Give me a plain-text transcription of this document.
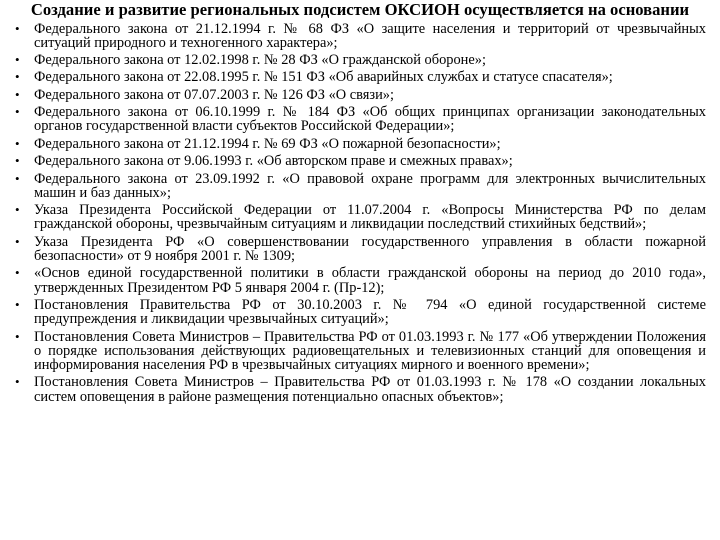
Создание и развитие региональных подсистем ОКСИОН осуществляется на основании
• Федерального закона от 21.12.1994 г. № 68 ФЗ «О защите населения и территорий от чрезвычайных ситуаций природного и техногенного характера»;
• Федерального закона от 12.02.1998 г. № 28 ФЗ «О гражданской обороне»;
• Федерального закона от 22.08.1995 г. № 151 ФЗ «Об аварийных службах и статусе спасателя»;
• Федерального закона от 07.07.2003 г. № 126 ФЗ «О связи»;
• Федерального закона от 06.10.1999 г. № 184 ФЗ «Об общих принципах организации законодательных органов государственной власти субъектов Российской Федерации»;
• Федерального закона от 21.12.1994 г. № 69 ФЗ «О пожарной безопасности»;
• Федерального закона от 9.06.1993 г. «Об авторском праве и смежных правах»;
• Федерального закона от 23.09.1992 г. «О правовой охране программ для электронных вычислительных машин и баз данных»;
• Указа Президента Российской Федерации от 11.07.2004 г. «Вопросы Министерства РФ по делам гражданской обороны, чрезвычайным ситуациям и ликвидации последствий стихийных бедствий»;
• Указа Президента РФ «О совершенствовании государственного управления в области пожарной безопасности» от 9 ноября 2001 г. № 1309;
• «Основ единой государственной политики в области гражданской обороны на период до 2010 года», утвержденных Президентом РФ 5 января 2004 г. (Пр-12);
• Постановления Правительства РФ от 30.10.2003 г. № 794 «О единой государственной системе предупреждения и ликвидации чрезвычайных ситуаций»;
• Постановления Совета Министров – Правительства РФ от 01.03.1993 г. № 177 «Об утверждении Положения о порядке использования действующих радиовещательных и телевизионных станций для оповещения и информирования населения РФ в чрезвычайных ситуациях мирного и военного времени»;
• Постановления Совета Министров – Правительства РФ от 01.03.1993 г. № 178 «О создании локальных систем оповещения в районе размещения потенциально опасных объектов»;
